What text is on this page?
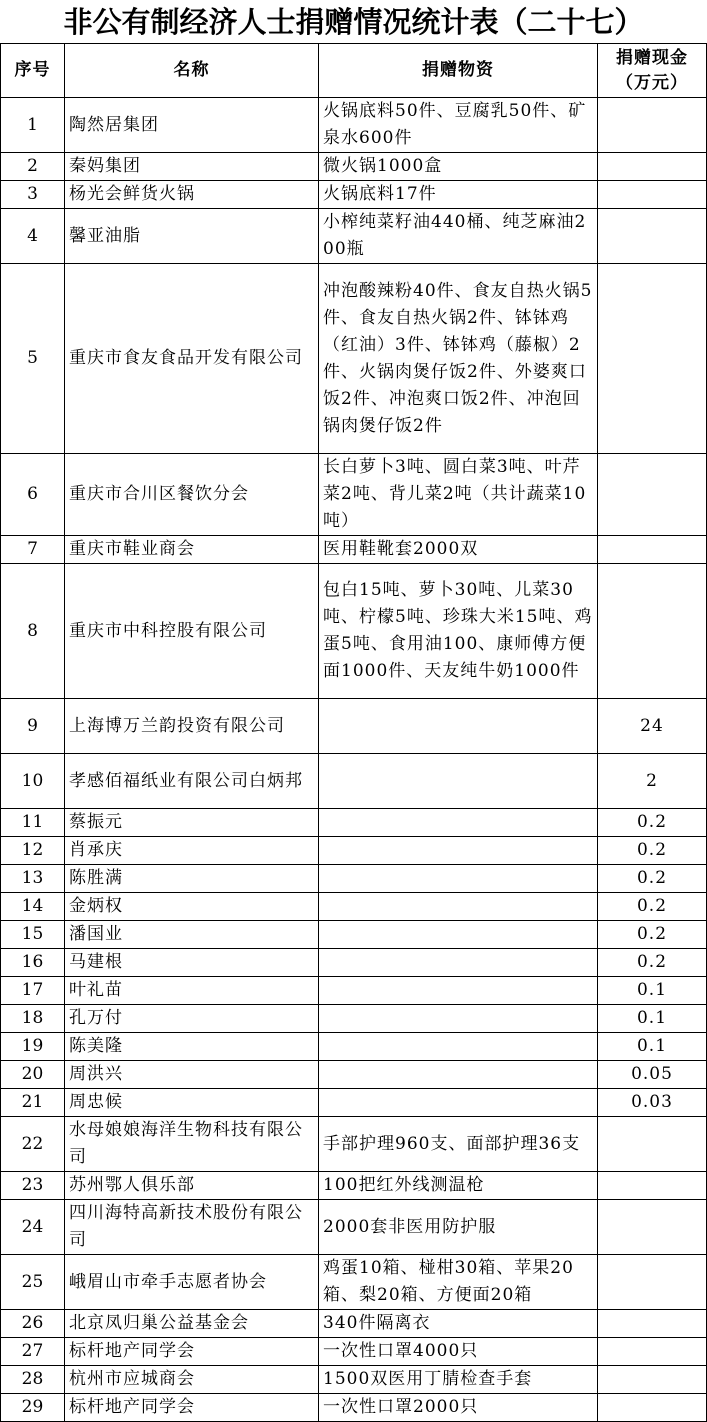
非公有制经济人士捐赠情况统计表（二十七）
序号	名称	捐赠物资	捐赠现金
（万元）

1	陶然居集团	火锅底料50件、豆腐乳50件、矿泉水600件	
2	秦妈集团	微火锅1000盒	
3	杨光会鲜货火锅	火锅底料17件	
4	馨亚油脂	小榨纯菜籽油440桶、纯芝麻油200瓶	
5	重庆市食友食品开发有限公司	冲泡酸辣粉40件、食友自热火锅5件、食友自热火锅2件、钵钵鸡（红油）3件、钵钵鸡（藤椒）2件、火锅肉煲仔饭2件、外婆爽口饭2件、冲泡爽口饭2件、冲泡回锅肉煲仔饭2件	
6	重庆市合川区餐饮分会	长白萝卜3吨、圆白菜3吨、叶芹菜2吨、背儿菜2吨（共计蔬菜10吨）	
7	重庆市鞋业商会	医用鞋靴套2000双	
8	重庆市中科控股有限公司	包白15吨、萝卜30吨、儿菜30吨、柠檬5吨、珍珠大米15吨、鸡蛋5吨、食用油100、康师傅方便面1000件、天友纯牛奶1000件	
9	上海博万兰韵投资有限公司		24
10	孝感佰福纸业有限公司白炳邦		2
11	蔡振元		0.2
12	肖承庆		0.2
13	陈胜满		0.2
14	金炳权		0.2
15	潘国业		0.2
16	马建根		0.2
17	叶礼苗		0.1
18	孔万付		0.1
19	陈美隆		0.1
20	周洪兴		0.05
21	周忠候		0.03
22	水母娘娘海洋生物科技有限公司	手部护理960支、面部护理36支	
23	苏州鄂人俱乐部	100把红外线测温枪	
24	四川海特高新技术股份有限公司	2000套非医用防护服	
25	峨眉山市牵手志愿者协会	鸡蛋10箱、椪柑30箱、苹果20箱、梨20箱、方便面20箱	
26	北京凤归巢公益基金会	340件隔离衣	
27	标杆地产同学会	一次性口罩4000只	
28	杭州市应城商会	1500双医用丁腈检查手套	
29	标杆地产同学会	一次性口罩2000只	
